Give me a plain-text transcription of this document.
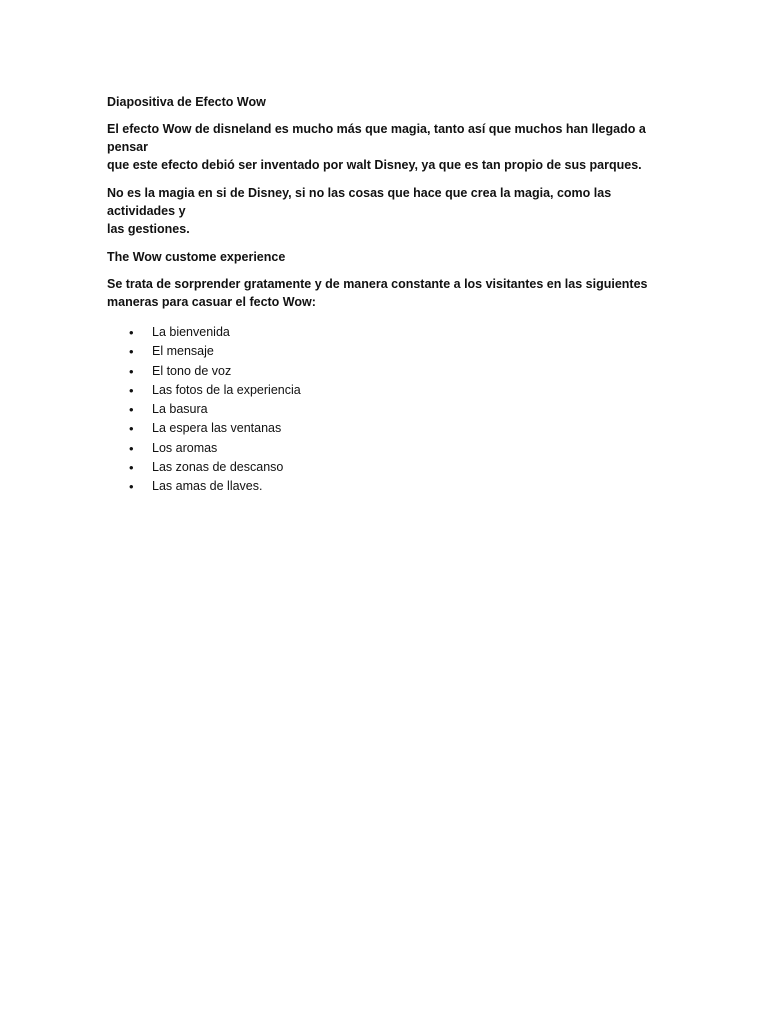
Diapositiva de Efecto Wow
El efecto Wow de disneland es mucho más que magia, tanto así que muchos han llegado a pensar
que este efecto debió ser inventado por walt Disney, ya que es tan propio de sus parques.
No es la magia en si de Disney, si no las cosas que hace que crea la magia, como las actividades y
las gestiones.
The Wow custome experience
Se trata de sorprender gratamente y de manera constante a los visitantes en las siguientes
maneras para casuar el fecto Wow:
• La bienvenida
• El mensaje
• El tono de voz
• Las fotos de la experiencia
• La basura
• La espera las ventanas
• Los aromas
• Las zonas de descanso
• Las amas de llaves.
